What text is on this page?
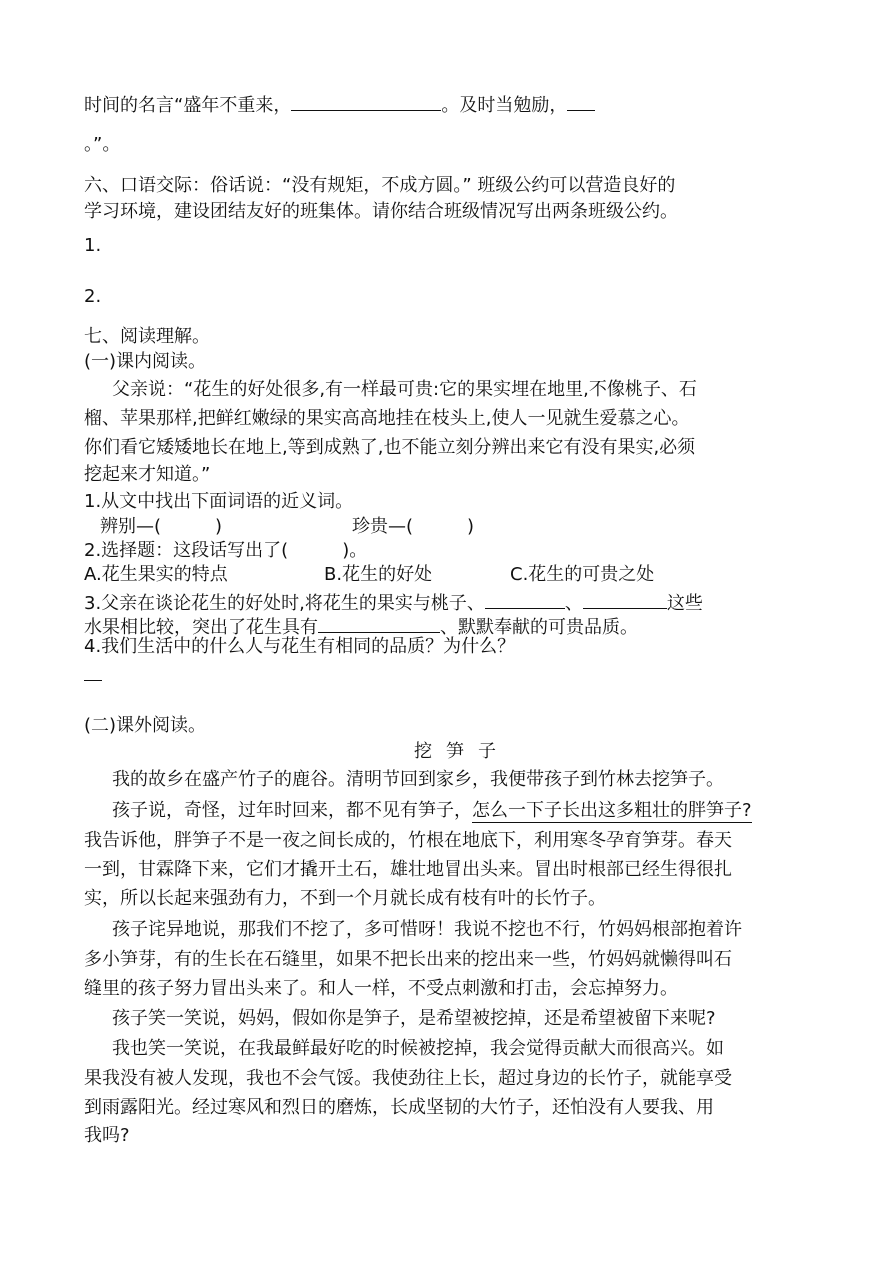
时间的名言“盛年不重来，	。及时当勉励，
。”。
六、口语交际：俗话说：“没有规矩，不成方圆。” 班级公约可以营造良好的
学习环境，建设团结友好的班集体。请你结合班级情况写出两条班级公约。
1.
2.
七、阅读理解。
(一)课内阅读。
父亲说：“花生的好处很多,有一样最可贵:它的果实埋在地里,不像桃子、石
榴、苹果那样,把鲜红嫩绿的果实高高地挂在枝头上,使人一见就生爱慕之心。
你们看它矮矮地长在地上,等到成熟了,也不能立刻分辨出来它有没有果实,必须
挖起来才知道。”
1.从文中找出下面词语的近义词。
辨别—(　　　)	珍贵—(　　　)
2.选择题：这段话写出了(　　　)。
A.花生果实的特点	B.花生的好处	C.花生的可贵之处
3.父亲在谈论花生的好处时,将花生的果实与桃子、	、	这些
水果相比较，突出了花生具有	、默默奉献的可贵品质。
4.我们生活中的什么人与花生有相同的品质？为什么？
(二)课外阅读。
挖笋子
我的故乡在盛产竹子的鹿谷。清明节回到家乡，我便带孩子到竹林去挖笋子。
孩子说，奇怪，过年时回来，都不见有笋子，怎么一下子长出这多粗壮的胖笋子?
我告诉他，胖笋子不是一夜之间长成的，竹根在地底下，利用寒冬孕育笋芽。春天
一到，甘霖降下来，它们才撬开土石，雄壮地冒出头来。冒出时根部已经生得很扎
实，所以长起来强劲有力，不到一个月就长成有枝有叶的长竹子。
孩子诧异地说，那我们不挖了，多可惜呀！我说不挖也不行，竹妈妈根部抱着许
多小笋芽，有的生长在石缝里，如果不把长出来的挖出来一些，竹妈妈就懒得叫石
缝里的孩子努力冒出头来了。和人一样，不受点刺激和打击，会忘掉努力。
孩子笑一笑说，妈妈，假如你是笋子，是希望被挖掉，还是希望被留下来呢?
我也笑一笑说，在我最鲜最好吃的时候被挖掉，我会觉得贡献大而很高兴。如
果我没有被人发现，我也不会气馁。我使劲往上长，超过身边的长竹子，就能享受
到雨露阳光。经过寒风和烈日的磨炼，长成坚韧的大竹子，还怕没有人要我、用
我吗?
